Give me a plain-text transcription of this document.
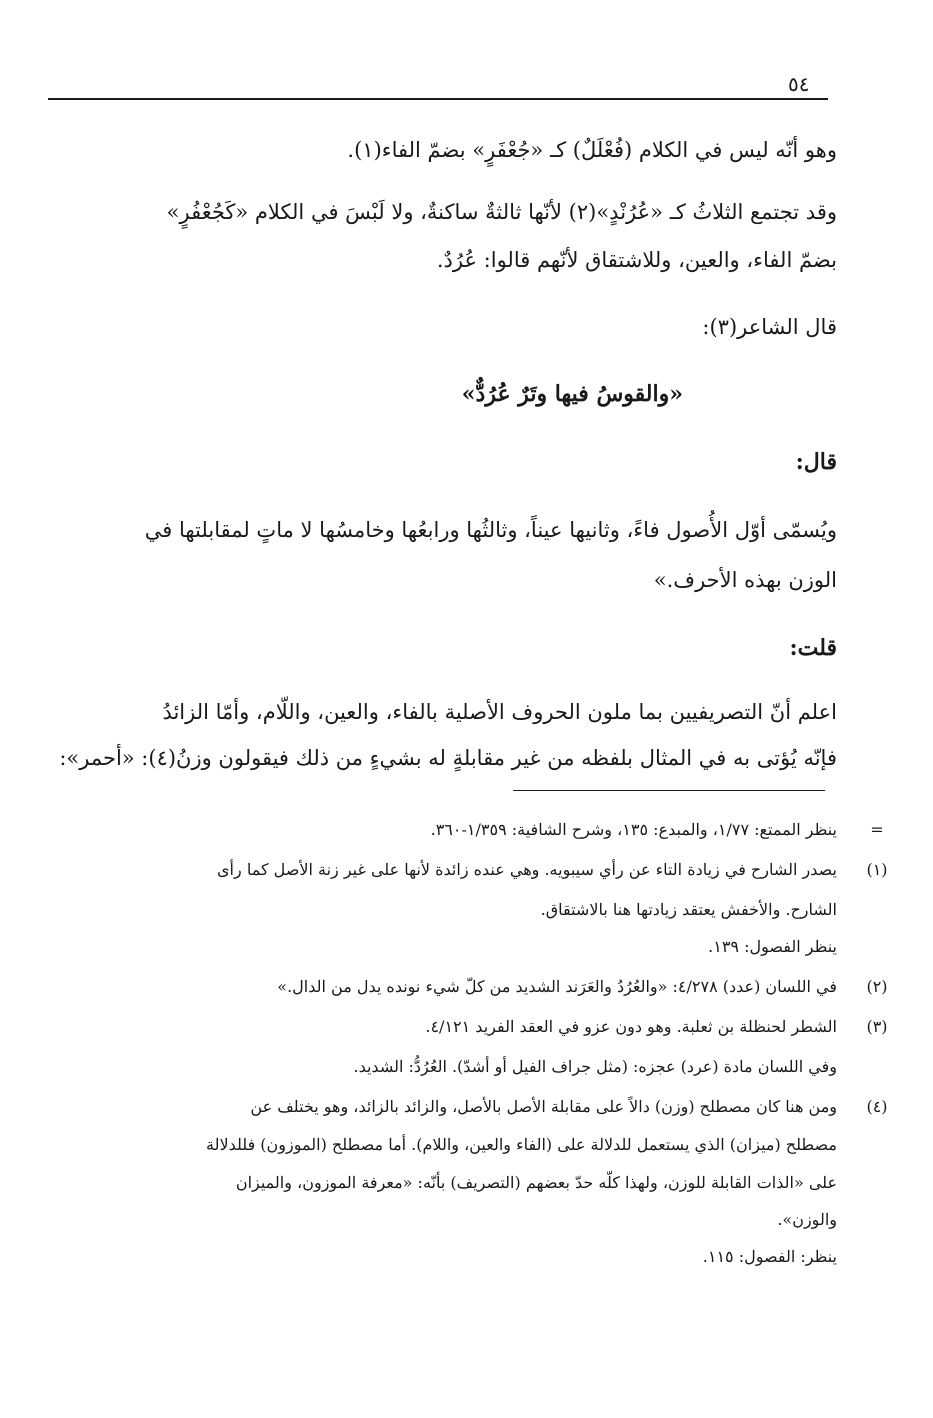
٥٤

وهو أنّه ليس في الكلام (فُعْلَلٌ) كـ «جُعْفَرٍ» بضمّ الفاء(١).

وقد تجتمع الثلاثُ كـ «عُرُنْدٍ»(٢) لأنّها ثالثةٌ ساكنةٌ، ولا لَبْسَ في الكلام «كَجُعْفُرٍ»

بضمّ الفاء، والعين، وللاشتقاق لأنّهم قالوا: عُرُدٌ.

قال الشاعر(٣):

«والقوسُ فيها وتَرٌ عُرُدٌّ»

قال:

ويُسمّى أوّل الأُصول فاءً، وثانيها عيناً، وثالثُها ورابعُها وخامسُها لا ماتٍ لمقابلتها في

الوزن بهذه الأحرف.»

قلت:

اعلم أنّ التصريفيين بما ملون الحروف الأصلية بالفاء، والعين، واللّام، وأمّا الزائدُ

فإنّه يُؤتى به في المثال بلفظه من غير مقابلةٍ له بشيءٍ من ذلك فيقولون وزنُ(٤): «أحمر»:

=
ينظر الممتع: ١/٧٧، والمبدع: ١٣٥، وشرح الشافية: ١/٣٥٩-٣٦٠.
(١)
يصدر الشارح في زيادة التاء عن رأي سيبويه. وهي عنده زائدة لأنها على غير زنة الأصل كما رأى
الشارح. والأخفش يعتقد زيادتها هنا بالاشتقاق.
ينظر الفصول: ١٣٩.
(٢)
في اللسان (عدد) ٤/٢٧٨: «والعُرُدُ والعَرَند الشديد من كلّ شيء نونده يدل من الدال.»
(٣)
الشطر لحنظلة بن ثعلبة. وهو دون عزو في العقد الفريد ٤/١٢١.
وفي اللسان مادة (عرد) عجزه: (مثل جراف الفيل أو أشدّ). العُرُدُّ: الشديد.
(٤)
ومن هنا كان مصطلح (وزن) دالاً على مقابلة الأصل بالأصل، والزائد بالزائد، وهو يختلف عن
مصطلح (ميزان) الذي يستعمل للدلالة على (الفاء والعين، واللام). أما مصطلح (الموزون) فللدلالة
على «الذات القابلة للوزن، ولهذا كلّه حدّ بعضهم (التصريف) بأنّه: «معرفة الموزون، والميزان
والوزن».
ينظر: الفصول: ١١٥.
